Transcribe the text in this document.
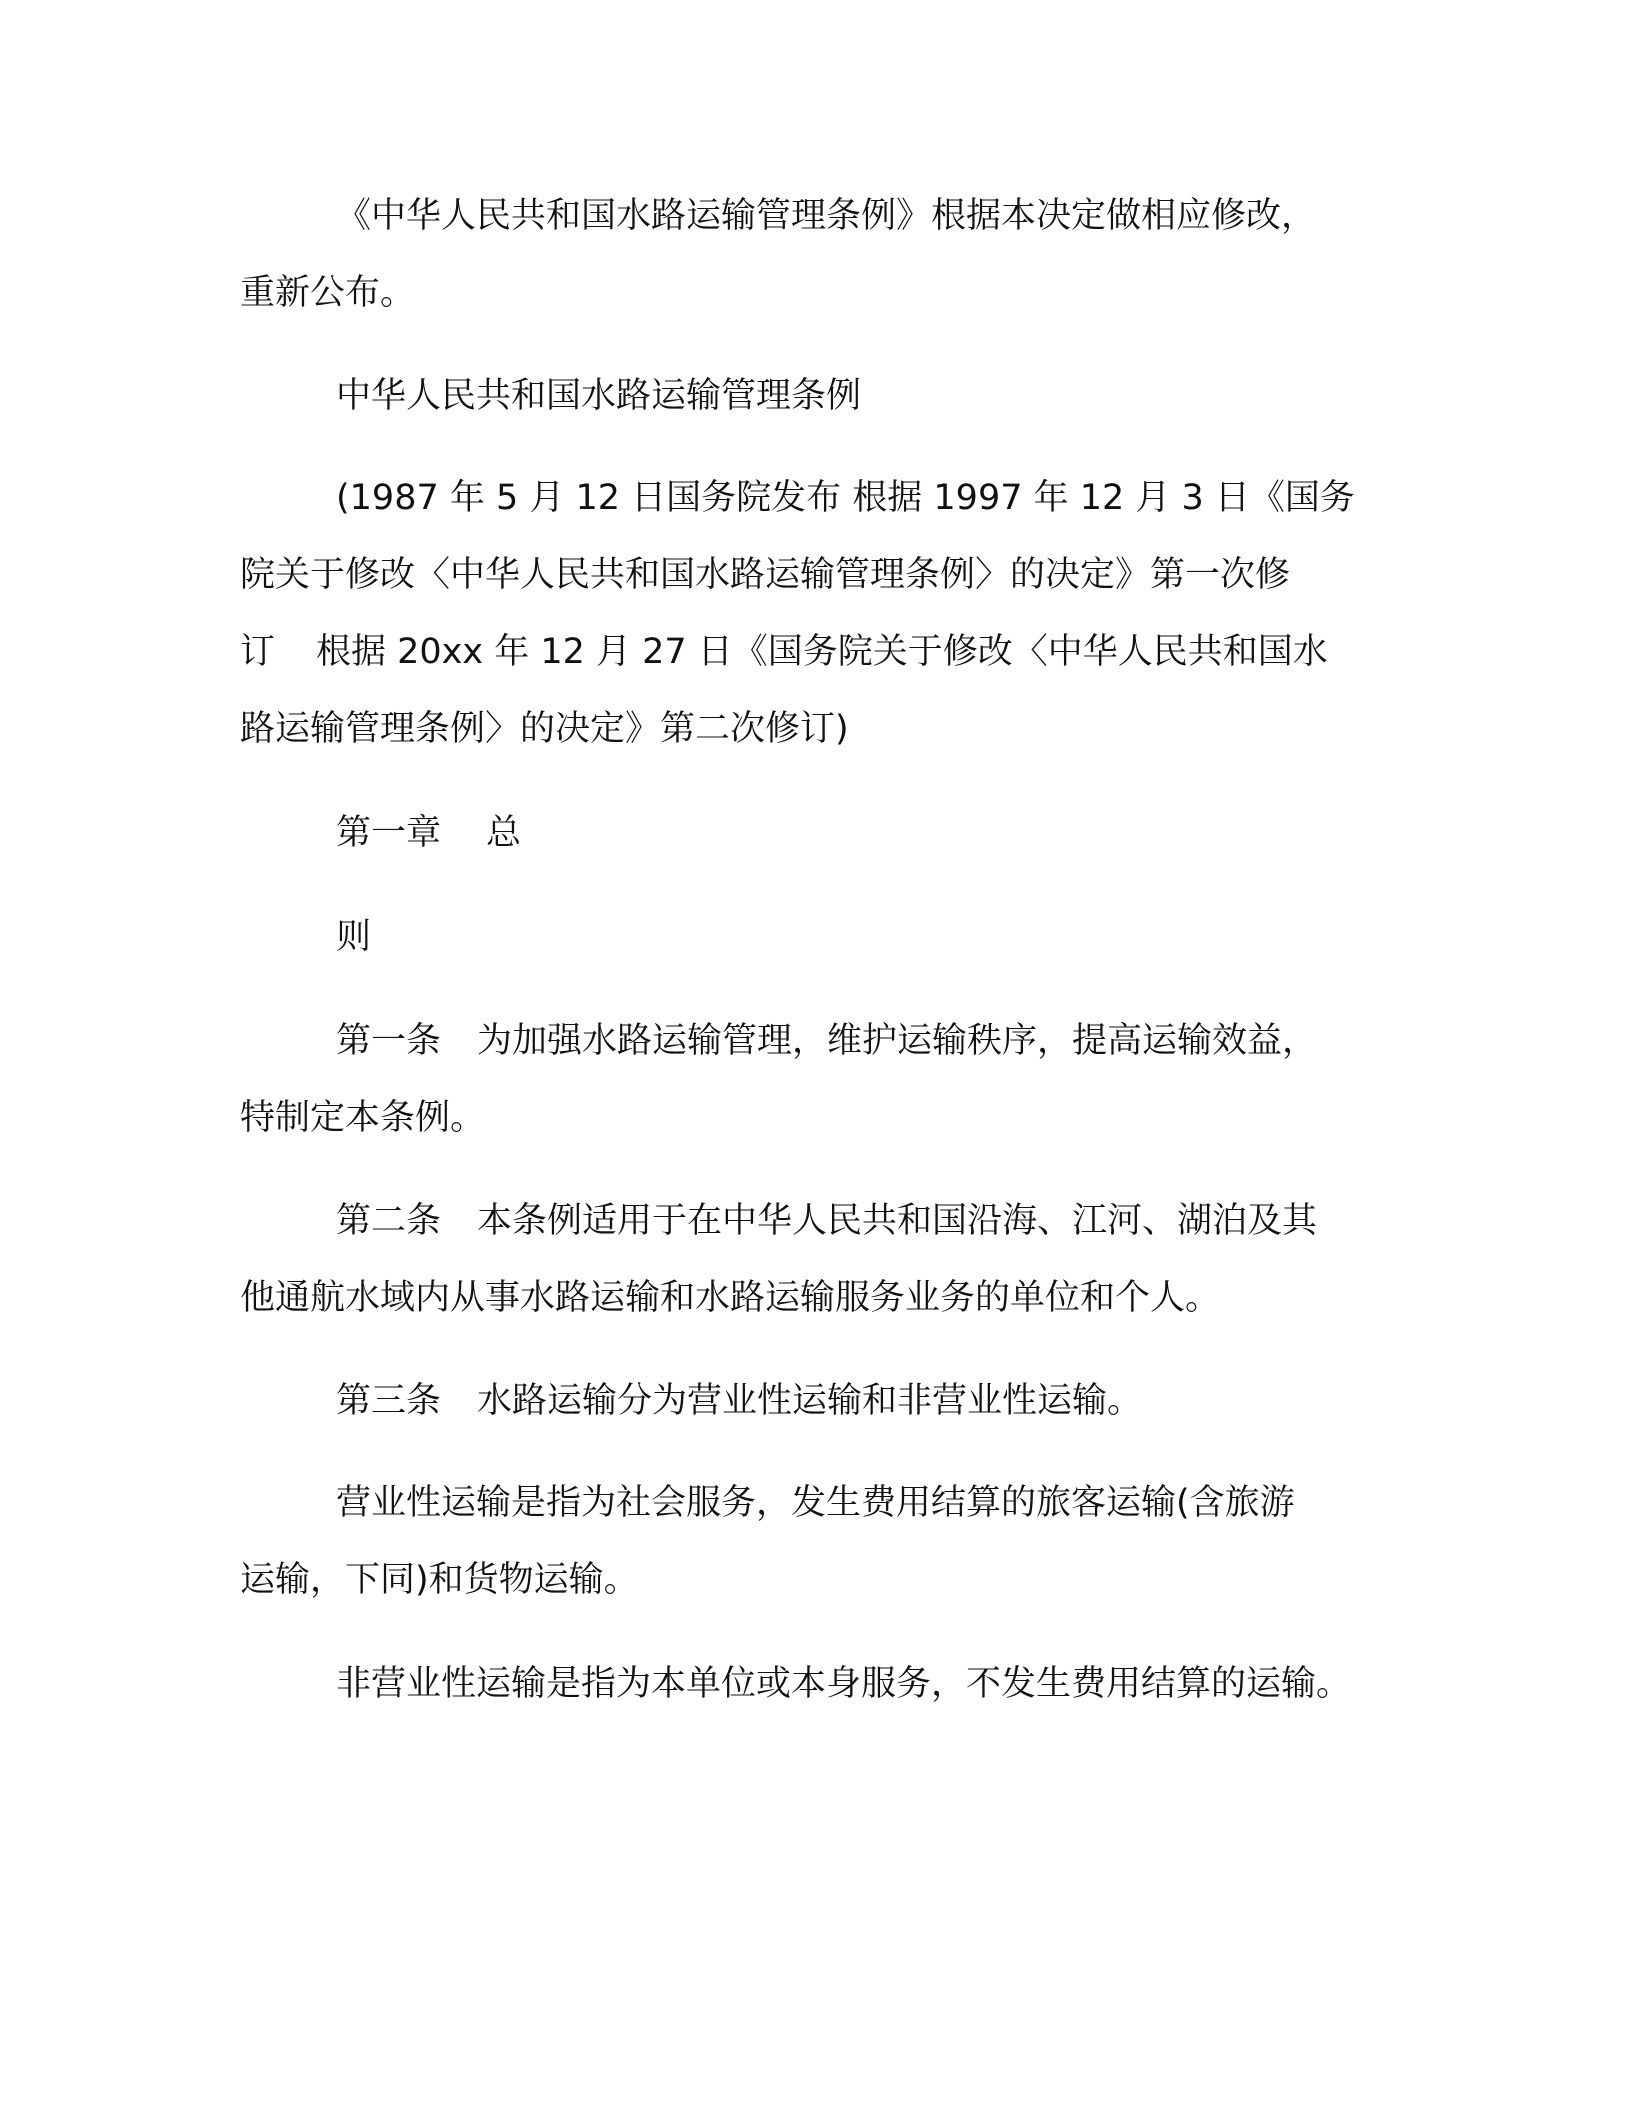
《中华人民共和国水路运输管理条例》根据本决定做相应修改，
重新公布。
中华人民共和国水路运输管理条例
(1987 年 5 月 12 日国务院发布 根据 1997 年 12 月 3 日《国务
院关于修改〈中华人民共和国水路运输管理条例〉的决定》第一次修
订 根据 20xx 年 12 月 27 日《国务院关于修改〈中华人民共和国水
路运输管理条例〉的决定》第二次修订)
第一章 总
则
第一条 为加强水路运输管理，维护运输秩序，提高运输效益，
特制定本条例。
第二条 本条例适用于在中华人民共和国沿海、江河、湖泊及其
他通航水域内从事水路运输和水路运输服务业务的单位和个人。
第三条 水路运输分为营业性运输和非营业性运输。
营业性运输是指为社会服务，发生费用结算的旅客运输(含旅游
运输，下同)和货物运输。
非营业性运输是指为本单位或本身服务，不发生费用结算的运输。
